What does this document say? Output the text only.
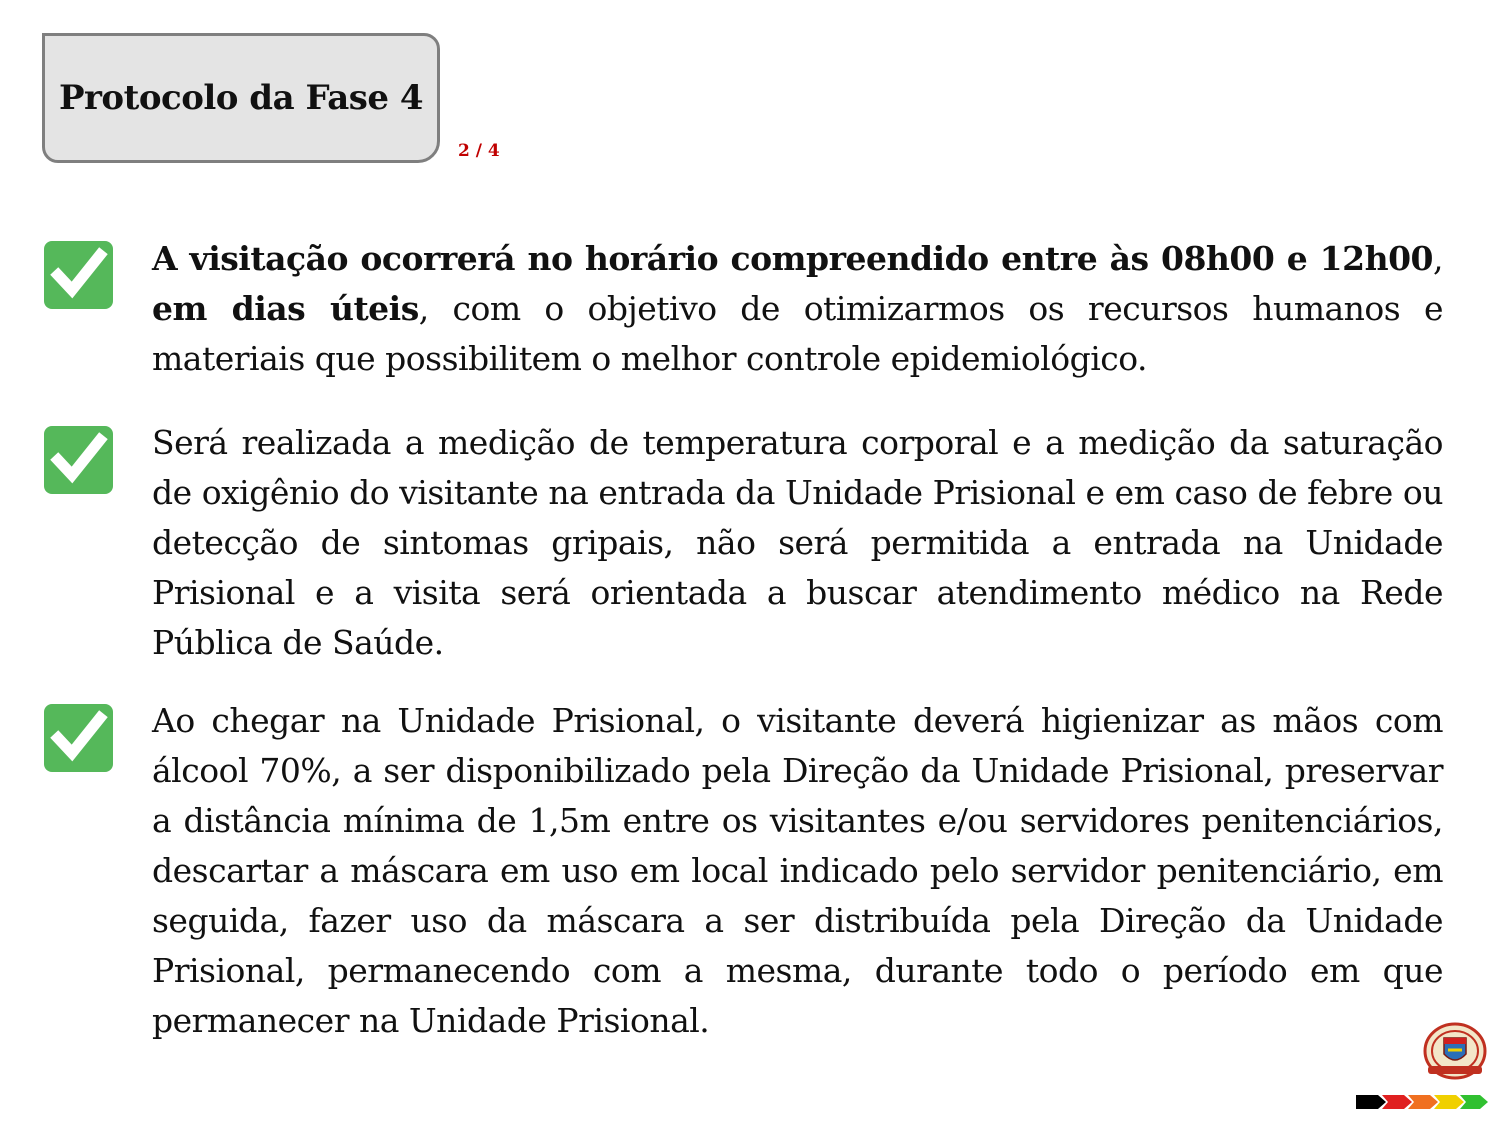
Protocolo da Fase 4
2 / 4
A visitação ocorrerá no horário compreendido entre às 08h00 e 12h00, em dias úteis, com o objetivo de otimizarmos os recursos humanos e materiais que possibilitem o melhor controle epidemiológico.
Será realizada a medição de temperatura corporal e a medição da saturação de oxigênio do visitante na entrada da Unidade Prisional e em caso de febre ou detecção de sintomas gripais, não será permitida a entrada na Unidade Prisional e a visita será orientada a buscar atendimento médico na Rede Pública de Saúde.
Ao chegar na Unidade Prisional, o visitante deverá higienizar as mãos com álcool 70%, a ser disponibilizado pela Direção da Unidade Prisional, preservar a distância mínima de 1,5m entre os visitantes e/ou servidores penitenciários, descartar a máscara em uso em local indicado pelo servidor penitenciário, em seguida, fazer uso da máscara a ser distribuída pela Direção da Unidade Prisional, permanecendo com a mesma, durante todo o período em que permanecer na Unidade Prisional.
